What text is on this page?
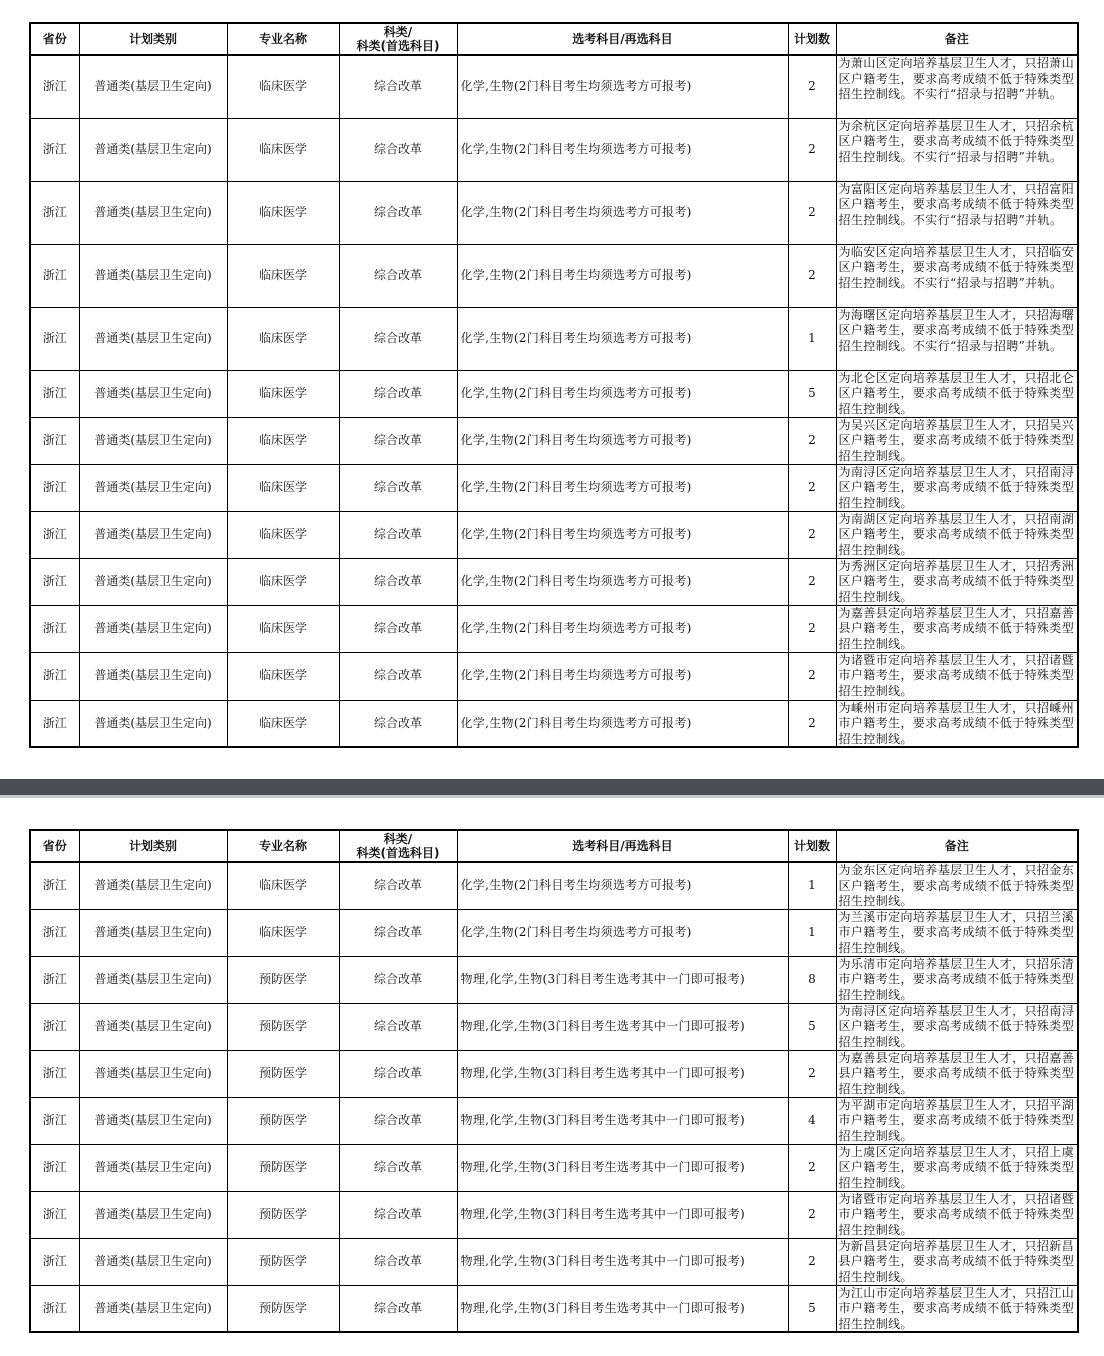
省份	计划类别	专业名称	科类/
科类(首选科目)	选考科目/再选科目	计划数	备注
浙江	普通类(基层卫生定向)	临床医学	综合改革	化学,生物(2门科目考生均须选考方可报考)	2	为萧山区定向培养基层卫生人才，只招萧山区户籍考生，要求高考成绩不低于特殊类型招生控制线。不实行“招录与招聘”并轨。

浙江	普通类(基层卫生定向)	临床医学	综合改革	化学,生物(2门科目考生均须选考方可报考)	2	为余杭区定向培养基层卫生人才，只招余杭区户籍考生，要求高考成绩不低于特殊类型招生控制线。不实行“招录与招聘”并轨。

浙江	普通类(基层卫生定向)	临床医学	综合改革	化学,生物(2门科目考生均须选考方可报考)	2	为富阳区定向培养基层卫生人才，只招富阳区户籍考生，要求高考成绩不低于特殊类型招生控制线。不实行“招录与招聘”并轨。

浙江	普通类(基层卫生定向)	临床医学	综合改革	化学,生物(2门科目考生均须选考方可报考)	2	为临安区定向培养基层卫生人才，只招临安区户籍考生，要求高考成绩不低于特殊类型招生控制线。不实行“招录与招聘”并轨。

浙江	普通类(基层卫生定向)	临床医学	综合改革	化学,生物(2门科目考生均须选考方可报考)	1	为海曙区定向培养基层卫生人才，只招海曙区户籍考生，要求高考成绩不低于特殊类型招生控制线。不实行“招录与招聘”并轨。

浙江	普通类(基层卫生定向)	临床医学	综合改革	化学,生物(2门科目考生均须选考方可报考)	5	为北仑区定向培养基层卫生人才，只招北仑区户籍考生，要求高考成绩不低于特殊类型招生控制线。

浙江	普通类(基层卫生定向)	临床医学	综合改革	化学,生物(2门科目考生均须选考方可报考)	2	为吴兴区定向培养基层卫生人才，只招吴兴区户籍考生，要求高考成绩不低于特殊类型招生控制线。

浙江	普通类(基层卫生定向)	临床医学	综合改革	化学,生物(2门科目考生均须选考方可报考)	2	为南浔区定向培养基层卫生人才，只招南浔区户籍考生，要求高考成绩不低于特殊类型招生控制线。

浙江	普通类(基层卫生定向)	临床医学	综合改革	化学,生物(2门科目考生均须选考方可报考)	2	为南湖区定向培养基层卫生人才，只招南湖区户籍考生，要求高考成绩不低于特殊类型招生控制线。

浙江	普通类(基层卫生定向)	临床医学	综合改革	化学,生物(2门科目考生均须选考方可报考)	2	为秀洲区定向培养基层卫生人才，只招秀洲区户籍考生，要求高考成绩不低于特殊类型招生控制线。

浙江	普通类(基层卫生定向)	临床医学	综合改革	化学,生物(2门科目考生均须选考方可报考)	2	为嘉善县定向培养基层卫生人才，只招嘉善县户籍考生，要求高考成绩不低于特殊类型招生控制线。

浙江	普通类(基层卫生定向)	临床医学	综合改革	化学,生物(2门科目考生均须选考方可报考)	2	为诸暨市定向培养基层卫生人才，只招诸暨市户籍考生，要求高考成绩不低于特殊类型招生控制线。

浙江	普通类(基层卫生定向)	临床医学	综合改革	化学,生物(2门科目考生均须选考方可报考)	2	为嵊州市定向培养基层卫生人才，只招嵊州市户籍考生，要求高考成绩不低于特殊类型招生控制线。
省份	计划类别	专业名称	科类/
科类(首选科目)	选考科目/再选科目	计划数	备注
浙江	普通类(基层卫生定向)	临床医学	综合改革	化学,生物(2门科目考生均须选考方可报考)	1	为金东区定向培养基层卫生人才，只招金东区户籍考生，要求高考成绩不低于特殊类型招生控制线。

浙江	普通类(基层卫生定向)	临床医学	综合改革	化学,生物(2门科目考生均须选考方可报考)	1	为兰溪市定向培养基层卫生人才，只招兰溪市户籍考生，要求高考成绩不低于特殊类型招生控制线。

浙江	普通类(基层卫生定向)	预防医学	综合改革	物理,化学,生物(3门科目考生选考其中一门即可报考)	8	为乐清市定向培养基层卫生人才，只招乐清市户籍考生，要求高考成绩不低于特殊类型招生控制线。

浙江	普通类(基层卫生定向)	预防医学	综合改革	物理,化学,生物(3门科目考生选考其中一门即可报考)	5	为南浔区定向培养基层卫生人才，只招南浔区户籍考生，要求高考成绩不低于特殊类型招生控制线。

浙江	普通类(基层卫生定向)	预防医学	综合改革	物理,化学,生物(3门科目考生选考其中一门即可报考)	2	为嘉善县定向培养基层卫生人才，只招嘉善县户籍考生，要求高考成绩不低于特殊类型招生控制线。

浙江	普通类(基层卫生定向)	预防医学	综合改革	物理,化学,生物(3门科目考生选考其中一门即可报考)	4	为平湖市定向培养基层卫生人才，只招平湖市户籍考生，要求高考成绩不低于特殊类型招生控制线。

浙江	普通类(基层卫生定向)	预防医学	综合改革	物理,化学,生物(3门科目考生选考其中一门即可报考)	2	为上虞区定向培养基层卫生人才，只招上虞区户籍考生，要求高考成绩不低于特殊类型招生控制线。

浙江	普通类(基层卫生定向)	预防医学	综合改革	物理,化学,生物(3门科目考生选考其中一门即可报考)	2	为诸暨市定向培养基层卫生人才，只招诸暨市户籍考生，要求高考成绩不低于特殊类型招生控制线。

浙江	普通类(基层卫生定向)	预防医学	综合改革	物理,化学,生物(3门科目考生选考其中一门即可报考)	2	为新昌县定向培养基层卫生人才，只招新昌县户籍考生，要求高考成绩不低于特殊类型招生控制线。

浙江	普通类(基层卫生定向)	预防医学	综合改革	物理,化学,生物(3门科目考生选考其中一门即可报考)	5	为江山市定向培养基层卫生人才，只招江山市户籍考生，要求高考成绩不低于特殊类型招生控制线。
